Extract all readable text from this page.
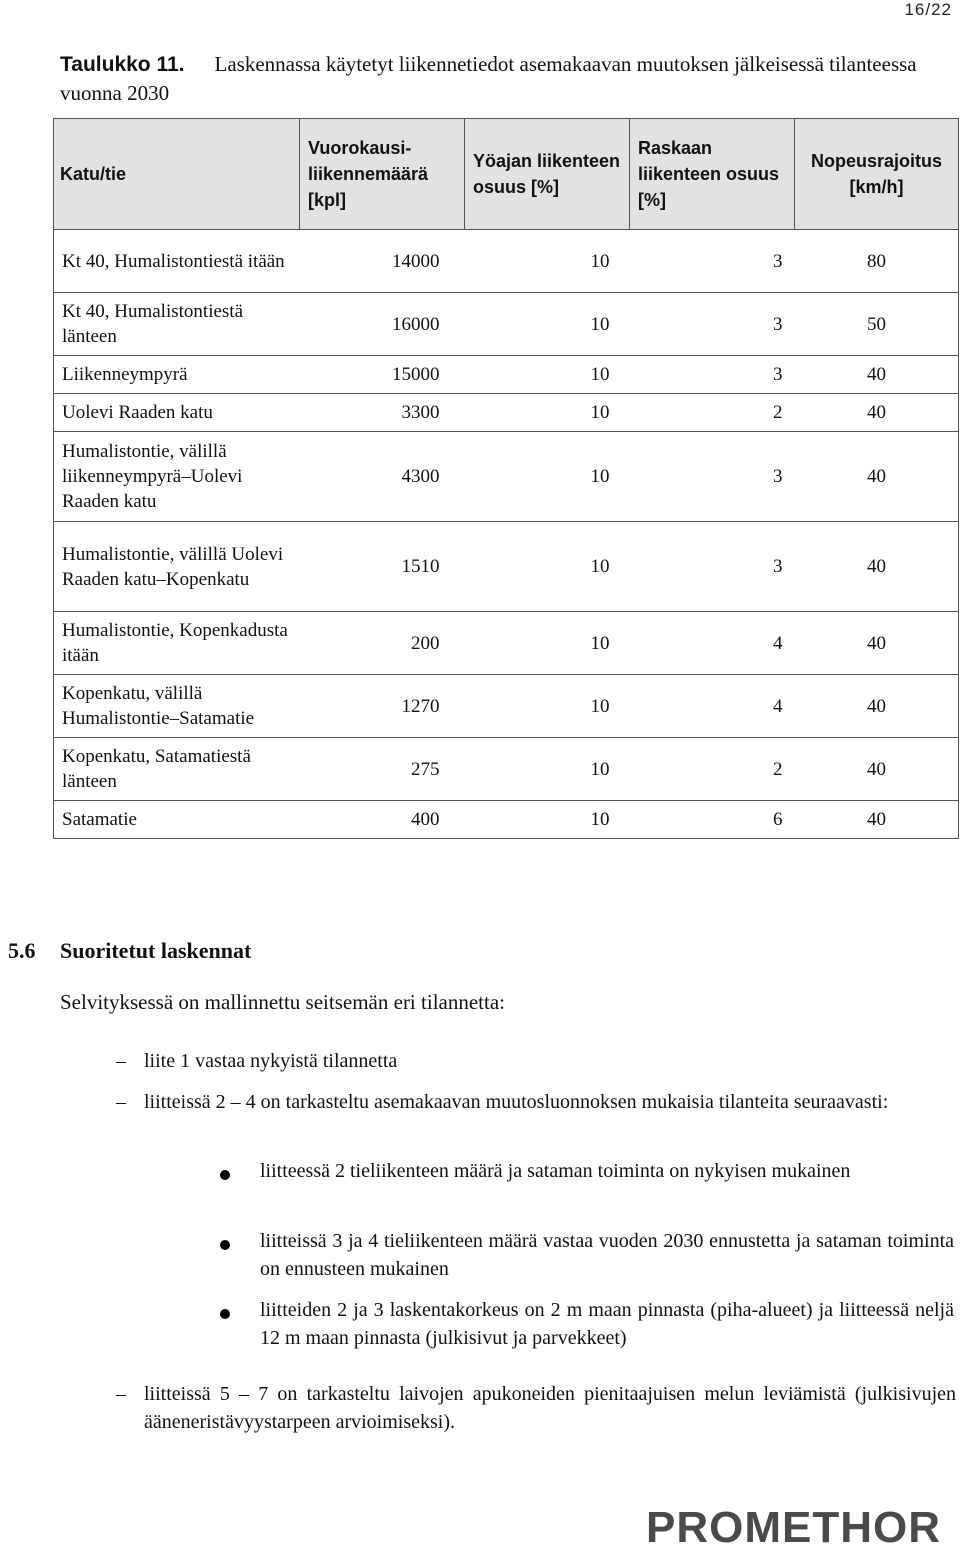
16/22
Taulukko 11. Laskennassa käytetyt liikennetiedot asemakaavan muutoksen jälkeisessä tilanteessa vuonna 2030
Katu/tie	Vuorokausi-liikennemäärä [kpl]	Yöajan liikenteen osuus [%]	Raskaan liikenteen osuus [%]	Nopeusrajoitus [km/h]
Kt 40, Humalistontiestä itään	14000	10	3	80
Kt 40, Humalistontiestä länteen	16000	10	3	50
Liikenneympyrä	15000	10	3	40
Uolevi Raaden katu	3300	10	2	40
Humalistontie, välillä liikenneympyrä–Uolevi Raaden katu	4300	10	3	40
Humalistontie, välillä Uolevi Raaden katu–Kopenkatu	1510	10	3	40
Humalistontie, Kopenkadusta itään	200	10	4	40
Kopenkatu, välillä Humalistontie–Satamatie	1270	10	4	40
Kopenkatu, Satamatiestä länteen	275	10	2	40
Satamatie	400	10	6	40
5.6 Suoritetut laskennat
Selvityksessä on mallinnettu seitsemän eri tilannetta:
– liite 1 vastaa nykyistä tilannetta
– liitteissä 2 – 4 on tarkasteltu asemakaavan muutosluonnoksen mukaisia tilanteita seuraavasti:
liitteessä 2 tieliikenteen määrä ja sataman toiminta on nykyisen mukainen
liitteissä 3 ja 4 tieliikenteen määrä vastaa vuoden 2030 ennustetta ja sataman toiminta on ennusteen mukainen
liitteiden 2 ja 3 laskentakorkeus on 2 m maan pinnasta (piha-alueet) ja liitteessä neljä 12 m maan pinnasta (julkisivut ja parvekkeet)
– liitteissä 5 – 7 on tarkasteltu laivojen apukoneiden pienitaajuisen melun leviämistä (julkisivujen ääneneristävyystarpeen arvioimiseksi).
PROMETHOR
